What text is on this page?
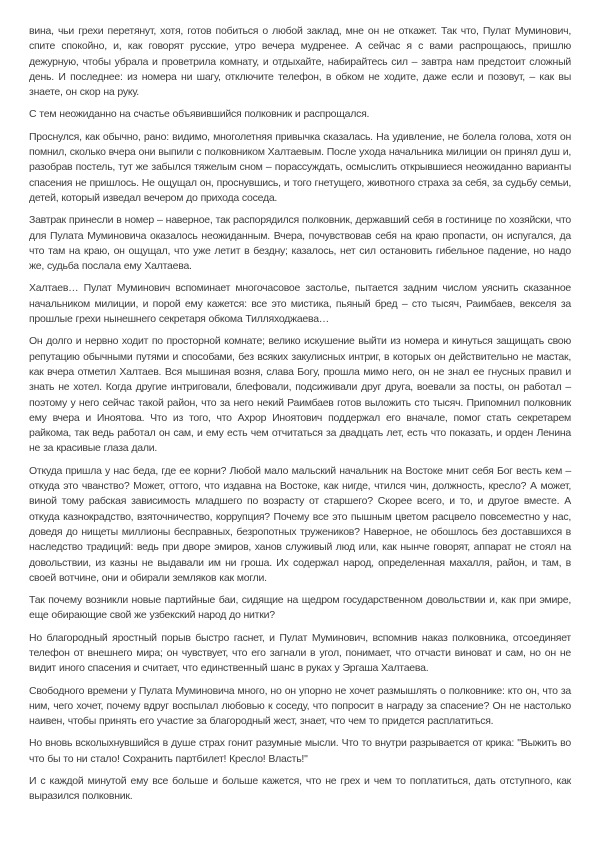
вина, чьи грехи перетянут, хотя, готов побиться о любой заклад, мне он не откажет. Так что, Пулат Муминович, спите спокойно, и, как говорят русские, утро вечера мудренее. А сейчас я с вами распрощаюсь, пришлю дежурную, чтобы убрала и проветрила комнату, и отдыхайте, набирайтесь сил – завтра нам предстоит сложный день. И последнее: из номера ни шагу, отключите телефон, в обком не ходите, даже если и позовут, – как вы знаете, он скор на руку.

С тем неожиданно на счастье объявившийся полковник и распрощался.

Проснулся, как обычно, рано: видимо, многолетняя привычка сказалась. На удивление, не болела голова, хотя он помнил, сколько вчера они выпили с полковником Халтаевым. После ухода начальника милиции он принял душ и, разобрав постель, тут же забылся тяжелым сном – порассуждать, осмыслить открывшиеся неожиданно варианты спасения не пришлось. Не ощущал он, проснувшись, и того гнетущего, животного страха за себя, за судьбу семьи, детей, который изведал вечером до прихода соседа.

Завтрак принесли в номер – наверное, так распорядился полковник, державший себя в гостинице по хозяйски, что для Пулата Муминовича оказалось неожиданным. Вчера, почувствовав себя на краю пропасти, он испугался, да что там на краю, он ощущал, что уже летит в бездну; казалось, нет сил остановить гибельное падение, но надо же, судьба послала ему Халтаева.

Халтаев… Пулат Муминович вспоминает многочасовое застолье, пытается задним числом уяснить сказанное начальником милиции, и порой ему кажется: все это мистика, пьяный бред – сто тысяч, Раимбаев, векселя за прошлые грехи нынешнего секретаря обкома Тилляходжаева…

Он долго и нервно ходит по просторной комнате; велико искушение выйти из номера и кинуться защищать свою репутацию обычными путями и способами, без всяких закулисных интриг, в которых он действительно не мастак, как вчера отметил Халтаев. Вся мышиная возня, слава Богу, прошла мимо него, он не знал ее гнусных правил и знать не хотел. Когда другие интриговали, блефовали, подсиживали друг друга, воевали за посты, он работал – поэтому у него сейчас такой район, что за него некий Раимбаев готов выложить сто тысяч. Припомнил полковник ему вчера и Иноятова. Что из того, что Ахрор Иноятович поддержал его вначале, помог стать секретарем райкома, так ведь работал он сам, и ему есть чем отчитаться за двадцать лет, есть что показать, и орден Ленина не за красивые глаза дали.

Откуда пришла у нас беда, где ее корни? Любой мало мальский начальник на Востоке мнит себя Бог весть кем – откуда это чванство? Может, оттого, что издавна на Востоке, как нигде, чтился чин, должность, кресло? А может, виной тому рабская зависимость младшего по возрасту от старшего? Скорее всего, и то, и другое вместе. А откуда казнокрадство, взяточничество, коррупция? Почему все это пышным цветом расцвело повсеместно у нас, доведя до нищеты миллионы бесправных, безропотных тружеников? Наверное, не обошлось без доставшихся в наследство традиций: ведь при дворе эмиров, ханов служивый люд или, как нынче говорят, аппарат не стоял на довольствии, из казны не выдавали им ни гроша. Их содержал народ, определенная махалля, район, и там, в своей вотчине, они и обирали земляков как могли.

Так почему возникли новые партийные баи, сидящие на щедром государственном довольствии и, как при эмире, еще обирающие свой же узбекский народ до нитки?

Но благородный яростный порыв быстро гаснет, и Пулат Муминович, вспомнив наказ полковника, отсоединяет телефон от внешнего мира; он чувствует, что его загнали в угол, понимает, что отчасти виноват и сам, но он не видит иного спасения и считает, что единственный шанс в руках у Эргаша Халтаева.

Свободного времени у Пулата Муминовича много, но он упорно не хочет размышлять о полковнике: кто он, что за ним, чего хочет, почему вдруг воспылал любовью к соседу, что попросит в награду за спасение? Он не настолько наивен, чтобы принять его участие за благородный жест, знает, что чем то придется расплатиться.

Но вновь всколыхнувшийся в душе страх гонит разумные мысли. Что то внутри разрывается от крика: "Выжить во что бы то ни стало! Сохранить партбилет! Кресло! Власть!"

И с каждой минутой ему все больше и больше кажется, что не грех и чем то поплатиться, дать отступного, как выразился полковник.
